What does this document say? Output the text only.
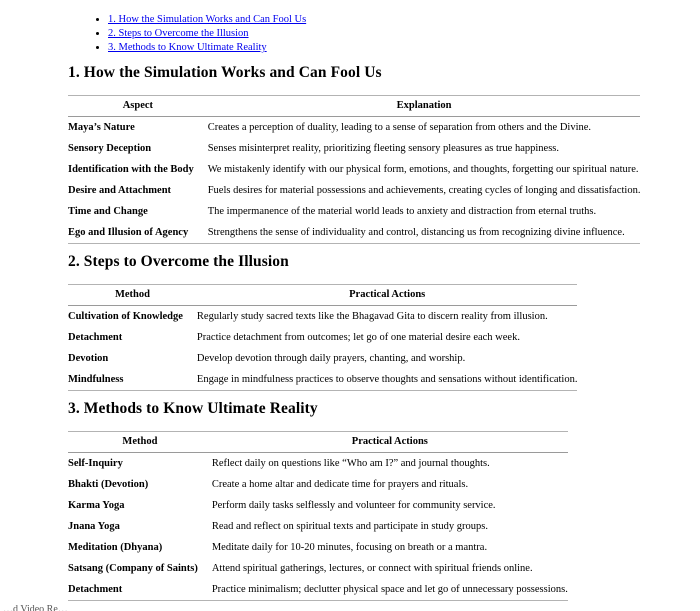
• 1. How the Simulation Works and Can Fool Us
• 2. Steps to Overcome the Illusion
• 3. Methods to Know Ultimate Reality
1. How the Simulation Works and Can Fool Us
Aspect	Explanation
Maya’s Nature	Creates a perception of duality, leading to a sense of separation from others and the Divine.
Sensory Deception	Senses misinterpret reality, prioritizing fleeting sensory pleasures as true happiness.
Identification with the Body	We mistakenly identify with our physical form, emotions, and thoughts, forgetting our spiritual nature.
Desire and Attachment	Fuels desires for material possessions and achievements, creating cycles of longing and dissatisfaction.
Time and Change	The impermanence of the material world leads to anxiety and distraction from eternal truths.
Ego and Illusion of Agency	Strengthens the sense of individuality and control, distancing us from recognizing divine influence.
2. Steps to Overcome the Illusion
Method	Practical Actions
Cultivation of Knowledge	Regularly study sacred texts like the Bhagavad Gita to discern reality from illusion.
Detachment	Practice detachment from outcomes; let go of one material desire each week.
Devotion	Develop devotion through daily prayers, chanting, and worship.
Mindfulness	Engage in mindfulness practices to observe thoughts and sensations without identification.
3. Methods to Know Ultimate Reality
Method	Practical Actions
Self-Inquiry	Reflect daily on questions like “Who am I?” and journal thoughts.
Bhakti (Devotion)	Create a home altar and dedicate time for prayers and rituals.
Karma Yoga	Perform daily tasks selflessly and volunteer for community service.
Jnana Yoga	Read and reflect on spiritual texts and participate in study groups.
Meditation (Dhyana)	Meditate daily for 10-20 minutes, focusing on breath or a mantra.
Satsang (Company of Saints)	Attend spiritual gatherings, lectures, or connect with spiritual friends online.
Detachment	Practice minimalism; declutter physical space and let go of unnecessary possessions.
…d Video Re…
